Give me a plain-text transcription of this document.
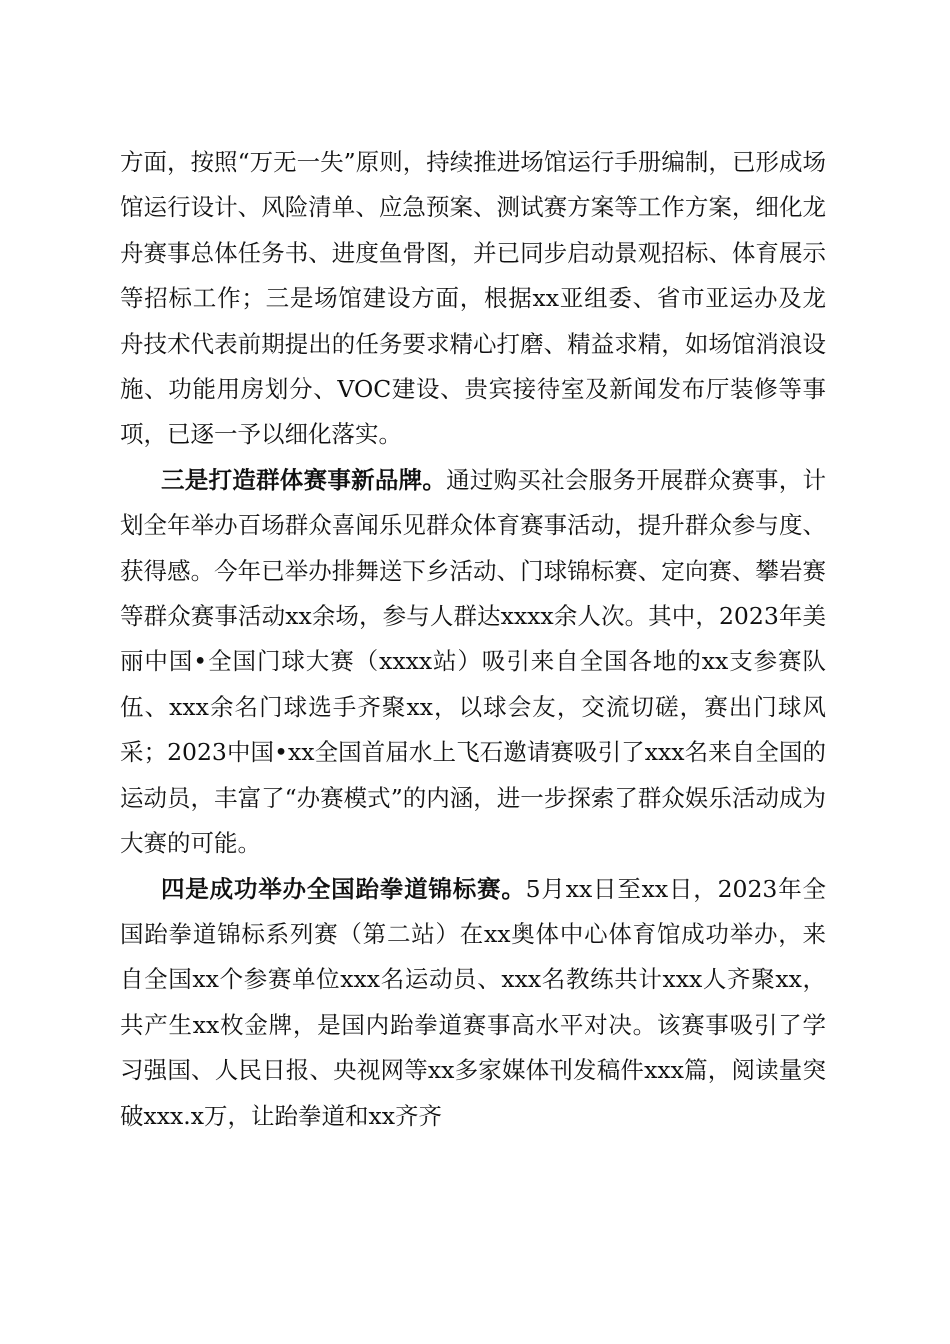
方面，按照“万无一失”原则，持续推进场馆运行手册编制，已形成场馆运行设计、风险清单、应急预案、测试赛方案等工作方案，细化龙舟赛事总体任务书、进度鱼骨图，并已同步启动景观招标、体育展示等招标工作；三是场馆建设方面，根据xx亚组委、省市亚运办及龙舟技术代表前期提出的任务要求精心打磨、精益求精，如场馆消浪设施、功能用房划分、VOC建设、贵宾接待室及新闻发布厅装修等事项，已逐一予以细化落实。

三是打造群体赛事新品牌。通过购买社会服务开展群众赛事，计划全年举办百场群众喜闻乐见群众体育赛事活动，提升群众参与度、获得感。今年已举办排舞送下乡活动、门球锦标赛、定向赛、攀岩赛等群众赛事活动xx余场，参与人群达xxxx余人次。其中，2023年美丽中国•全国门球大赛（xxxx站）吸引来自全国各地的xx支参赛队伍、xxx余名门球选手齐聚xx，以球会友，交流切磋，赛出门球风采；2023中国•xx全国首届水上飞石邀请赛吸引了xxx名来自全国的运动员，丰富了“办赛模式”的内涵，进一步探索了群众娱乐活动成为大赛的可能。

四是成功举办全国跆拳道锦标赛。5月xx日至xx日，2023年全国跆拳道锦标系列赛（第二站）在xx奥体中心体育馆成功举办，来自全国xx个参赛单位xxx名运动员、xxx名教练共计xxx人齐聚xx，共产生xx枚金牌，是国内跆拳道赛事高水平对决。该赛事吸引了学习强国、人民日报、央视网等xx多家媒体刊发稿件xxx篇，阅读量突破xxx.x万，让跆拳道和xx齐齐
